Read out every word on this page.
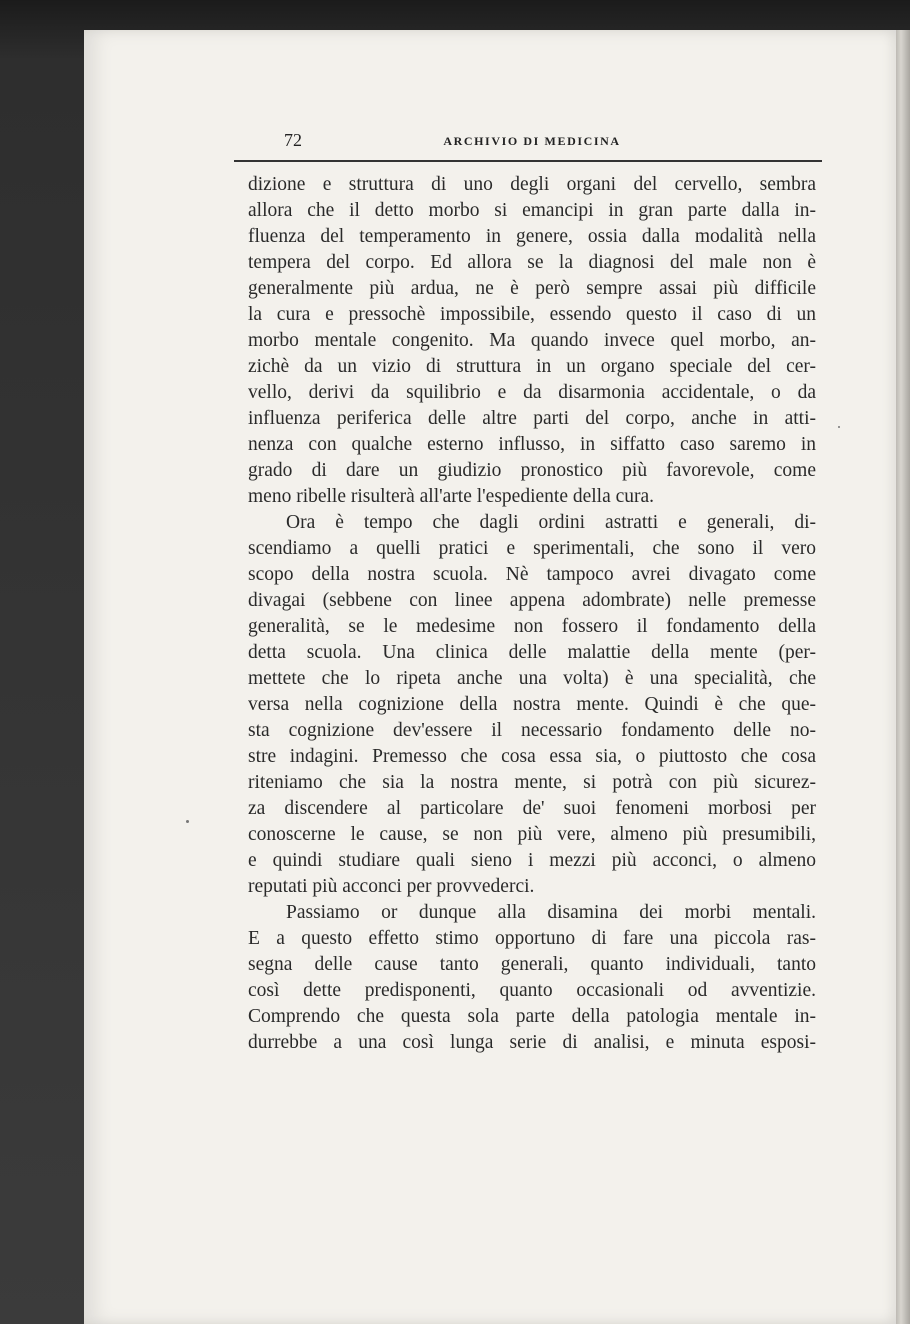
72	ARCHIVIO DI MEDICINA
dizione e struttura di uno degli organi del cervello, sembra
allora che il detto morbo si emancipi in gran parte dalla in-
fluenza del temperamento in genere, ossia dalla modalità nella
tempera del corpo. Ed allora se la diagnosi del male non è
generalmente più ardua, ne è però sempre assai più difficile
la cura e pressochè impossibile, essendo questo il caso di un
morbo mentale congenito. Ma quando invece quel morbo, an-
zichè da un vizio di struttura in un organo speciale del cer-
vello, derivi da squilibrio e da disarmonia accidentale, o da
influenza periferica delle altre parti del corpo, anche in atti-
nenza con qualche esterno influsso, in siffatto caso saremo in
grado di dare un giudizio pronostico più favorevole, come
meno ribelle risulterà all'arte l'espediente della cura.
Ora è tempo che dagli ordini astratti e generali, di-
scendiamo a quelli pratici e sperimentali, che sono il vero
scopo della nostra scuola. Nè tampoco avrei divagato come
divagai (sebbene con linee appena adombrate) nelle premesse
generalità, se le medesime non fossero il fondamento della
detta scuola. Una clinica delle malattie della mente (per-
mettete che lo ripeta anche una volta) è una specialità, che
versa nella cognizione della nostra mente. Quindi è che que-
sta cognizione dev'essere il necessario fondamento delle no-
stre indagini. Premesso che cosa essa sia, o piuttosto che cosa
riteniamo che sia la nostra mente, si potrà con più sicurez-
za discendere al particolare de' suoi fenomeni morbosi per
conoscerne le cause, se non più vere, almeno più presumibili,
e quindi studiare quali sieno i mezzi più acconci, o almeno
reputati più acconci per provvederci.
Passiamo or dunque alla disamina dei morbi mentali.
E a questo effetto stimo opportuno di fare una piccola ras-
segna delle cause tanto generali, quanto individuali, tanto
così dette predisponenti, quanto occasionali od avventizie.
Comprendo che questa sola parte della patologia mentale in-
durrebbe a una così lunga serie di analisi, e minuta esposi-
